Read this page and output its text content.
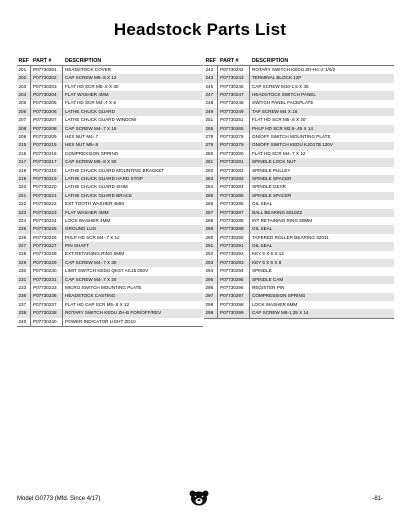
Headstock Parts List
REF PART #	DESCRIPTION
201	P07730201	HEADSTOCK COVER
202	P07730202	CAP SCREW M5-.8 X 12
203	P07730203	FLAT HD SCR M5-.8 X 30
204	P07730204	FLAT WASHER 4MM
205	P07730205	FLAT HD SCR M4-.7 X 8
206	P07730206	LATHE CHUCK GUARD
207	P07730207	LATHE CHUCK GUARD WINDOW
208	P07730208	CAP SCREW M4-.7 X 16
209	P07730209	HEX NUT M4-.7
215	P07730215	HEX NUT M5-.8
216	P07730216	COMPRESSION SPRING
217	P07730217	CAP SCREW M5-.8 X 50
218	P07730218	LATHE CHUCK GUARD MOUNTING BRACKET
219	P07730219	LATHE CHUCK GUARD HARD STOP
220	P07730220	LATHE CHUCK GUARD SHIM
221	P07730221	LATHE CHUCK GUARD BRACE
222	P07730222	EXT TOOTH WASHER 4MM
223	P07730223	FLAT WASHER 4MM
224	P07730224	LOCK WASHER 4MM
225	P07730225	GROUND LUG
226	P07730226	PHLP HD SCR M4-.7 X 12
227	P07730227	PIN SHAFT
228	P07730228	EXT RETAINING RING 8MM
229	P07730229	CAP SCREW M4-.7 X 30
230	P07730230	LIMIT SWITCH KEDU QKS7 AC15 250V
231	P07730231	CAP SCREW M4-.7 X 20
233	P07730233	MICRO SWITCH MOUNTING PLATE
236	P07730236	HEADSTOCK CASTING
237	P07730237	FLAT HD CAP SCR M5-.8 X 12
238	P07730238	ROTARY SWITCH KEDU ZH-B FOR/OFF/REV
240	P07730240	POWER INDICATOR LIGHT ZD10
REF PART #	DESCRIPTION
242	P07730242	ROTARY SWITCH KEDU ZH-HC-2 1/0/2
243	P07730243	TERMINAL BLOCK 12P
245	P07730245	CAP SCREW M10-1.5 X 35
247	P07730247	HEADSTOCK SWITCH PANEL
248	P07730248	SWITCH PANEL FACEPLATE
249	P07730249	TAP SCREW M4 X 16
251	P07730251	FLAT HD SCR M5-.8 X 20
265	P07730265	PHLP HD SCR M2.5-.45 X 14
278	P07730278	ON/OFF SWITCH MOUNTING PLATE
279	P07730279	ON/OFF SWITCH KEDU KJD17B 120V
280	P07730280	FLAT HD SCR M4-.7 X 12
281	P07730281	SPINDLE LOCK NUT
282	P07730282	SPINDLE PULLEY
283	P07730283	SPINDLE SPACER
284	P07730284	SPINDLE GEAR
285	P07730285	SPINDLE SPACER
286	P07730286	OIL SEAL
287	P07730287	BALL BEARING 6010ZZ
288	P07730288	INT RETAINING RING 80MM
289	P07730289	OIL SEAL
290	P07730290	TAPERED ROLLER BEARING 32011
291	P07730291	OIL SEAL
292	P07730292	KEY 6 X 6 X 12
293	P07730293	KEY 6 X 6 X 8
294	P07730294	SPINDLE
295	P07730295	SPINDLE CAM
296	P07730296	REGISTER PIN
297	P07730297	COMPRESSION SPRING
298	P07730298	LOCK WASHER 8MM
299	P07730299	CAP SCREW M8-1.25 X 14
Model G0773 (Mfd. Since 4/17)	-81-
